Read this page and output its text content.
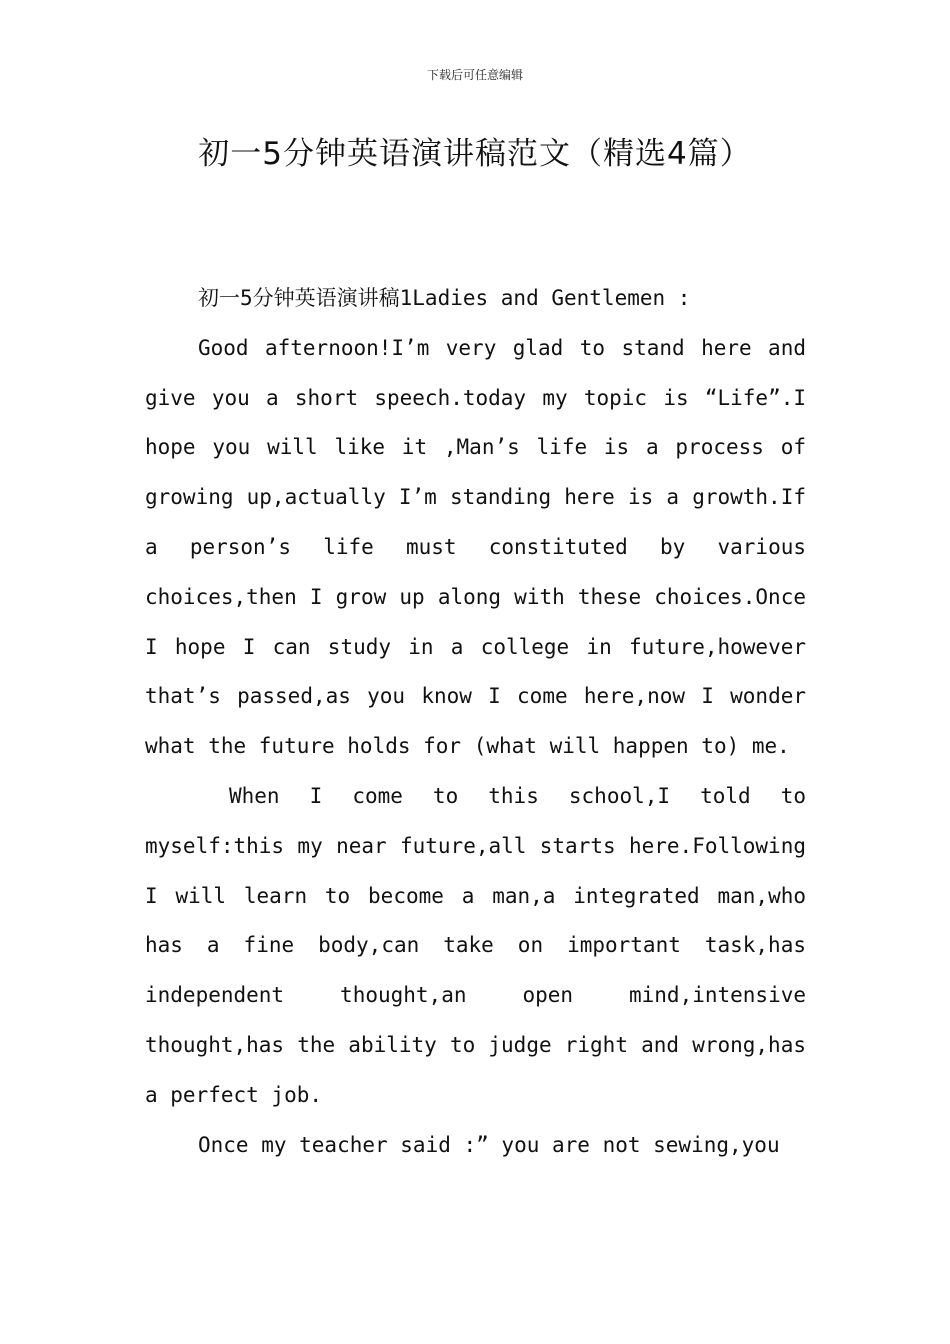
下载后可任意编辑
初一5分钟英语演讲稿范文（精选4篇）

初一5分钟英语演讲稿1Ladies and Gentlemen :

Good afternoon!I’m very glad to stand here and give you a short speech.today my topic is “Life”.I hope you will like it ,Man’s life is a process of growing up,actually I’m standing here is a growth.If a person’s life must constituted by various choices,then I grow up along with these choices.Once I hope I can study in a college in future,however that’s passed,as you know I come here,now I wonder what the future holds for (what will happen to) me.

When I come to this school,I told to myself:this my near future,all starts here.Following I will learn to become a man,a integrated man,who has a fine body,can take on important task,has independent thought,an open mind,intensive thought,has the ability to judge right and wrong,has a perfect job.

Once my teacher said :” you are not sewing,you
